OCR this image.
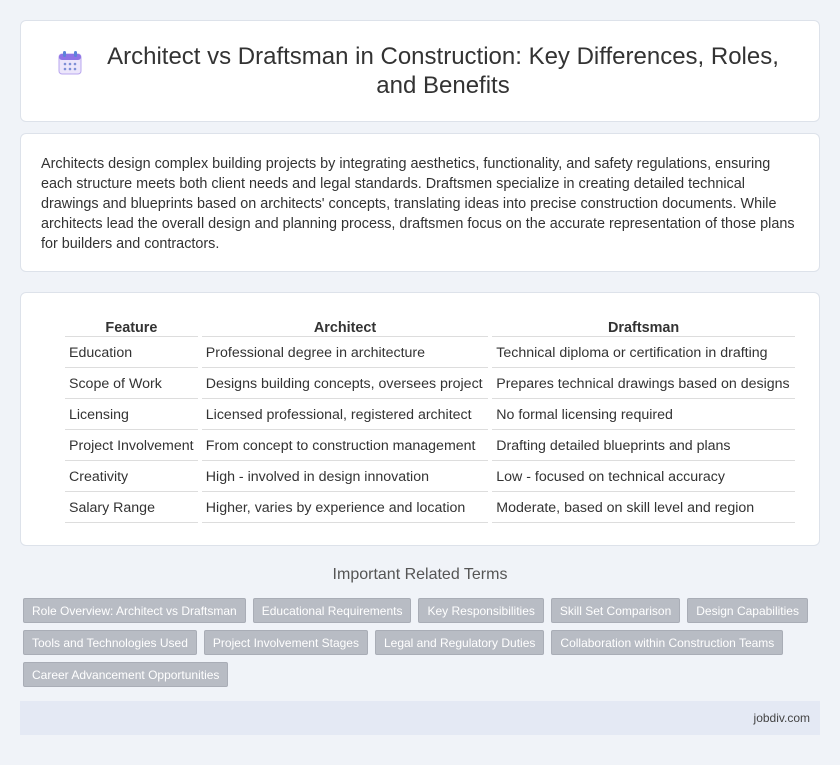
Architect vs Draftsman in Construction: Key Differences, Roles, and Benefits

Architects design complex building projects by integrating aesthetics, functionality, and safety regulations, ensuring each structure meets both client needs and legal standards. Draftsmen specialize in creating detailed technical drawings and blueprints based on architects' concepts, translating ideas into precise construction documents. While architects lead the overall design and planning process, draftsmen focus on the accurate representation of those plans for builders and contractors.

Feature	Architect	Draftsman
Education	Professional degree in architecture	Technical diploma or certification in drafting
Scope of Work	Designs building concepts, oversees project	Prepares technical drawings based on designs
Licensing	Licensed professional, registered architect	No formal licensing required
Project Involvement	From concept to construction management	Drafting detailed blueprints and plans
Creativity	High - involved in design innovation	Low - focused on technical accuracy
Salary Range	Higher, varies by experience and location	Moderate, based on skill level and region
Important Related Terms
Role Overview: Architect vs Draftsman	Educational Requirements	Key Responsibilities	Skill Set Comparison	Design Capabilities
Tools and Technologies Used	Project Involvement Stages	Legal and Regulatory Duties	Collaboration within Construction Teams
Career Advancement Opportunities
jobdiv.com
